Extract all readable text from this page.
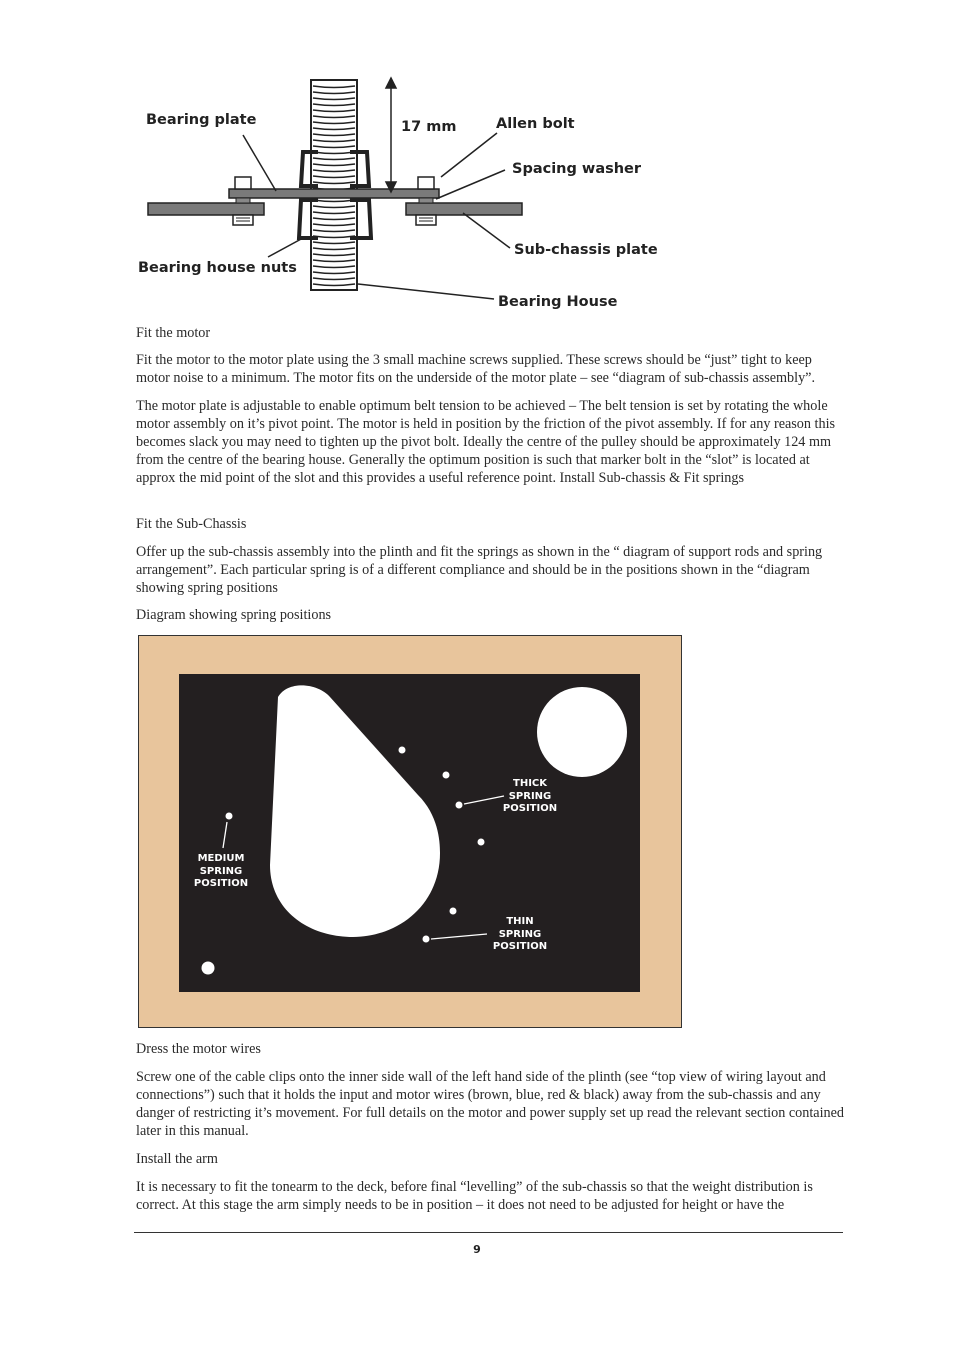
Bearing plate	17 mm	Allen bolt
Spacing washer
Sub-chassis plate
Bearing house nuts
Bearing House

Fit the motor

Fit the motor to the motor plate using the 3 small machine screws supplied. These screws should be “just” tight to keep motor noise to a minimum. The motor fits on the underside of the motor plate – see “diagram of sub-chassis assembly”.

The motor plate is adjustable to enable optimum belt tension to be achieved – The belt tension is set by rotating the whole motor assembly on it’s pivot point. The motor is held in position by the friction of the pivot assembly. If for any reason this becomes slack you may need to tighten up the pivot bolt. Ideally the centre of the pulley should be approximately 124 mm from the centre of the bearing house. Generally the optimum position is such that marker bolt in the “slot” is located at approx the mid point of the slot and this provides a useful reference point. Install Sub-chassis & Fit springs

Fit the Sub-Chassis

Offer up the sub-chassis assembly into the plinth and fit the springs as shown in the “ diagram of support rods and spring arrangement”. Each particular spring is of a different compliance and should be in the positions shown in the “diagram showing spring positions

Diagram showing spring positions

THICK
SPRING
POSITION
MEDIUM
SPRING
POSITION
THIN
SPRING
POSITION

Dress the motor wires

Screw one of the cable clips onto the inner side wall of the left hand side of the plinth (see “top view of wiring layout and connections”) such that it holds the input and motor wires (brown, blue, red & black) away from the sub-chassis and any danger of restricting it’s movement. For full details on the motor and power supply set up read the relevant section contained later in this manual.

Install the arm

It is necessary to fit the tonearm to the deck, before final “levelling” of the sub-chassis so that the weight distribution is correct. At this stage the arm simply needs to be in position – it does not need to be adjusted for height or have the

9
